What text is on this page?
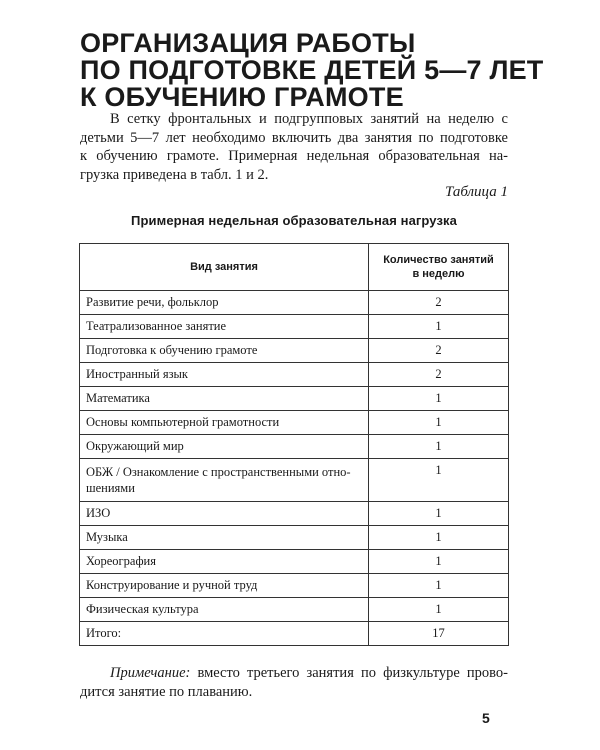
ОРГАНИЗАЦИЯ РАБОТЫ
ПО ПОДГОТОВКЕ ДЕТЕЙ 5—7 ЛЕТ
К ОБУЧЕНИЮ ГРАМОТЕ
В сетку фронтальных и подгрупповых занятий на неделю с
детьми 5—7 лет необходимо включить два занятия по подготовке
к обучению грамоте. Примерная недельная образовательная на-
грузка приведена в табл. 1 и 2.
Таблица 1
Примерная недельная образовательная нагрузка
Вид занятия	Количество занятий
в неделю
Развитие речи, фольклор	2
Театрализованное занятие	1
Подготовка к обучению грамоте	2
Иностранный язык	2
Математика	1
Основы компьютерной грамотности	1
Окружающий мир	1
ОБЖ / Ознакомление с пространственными отно-
шениями	1
ИЗО	1
Музыка	1
Хореография	1
Конструирование и ручной труд	1
Физическая культура	1
Итого:	17
Примечание: вместо третьего занятия по физкультуре прово-
дится занятие по плаванию.
5
